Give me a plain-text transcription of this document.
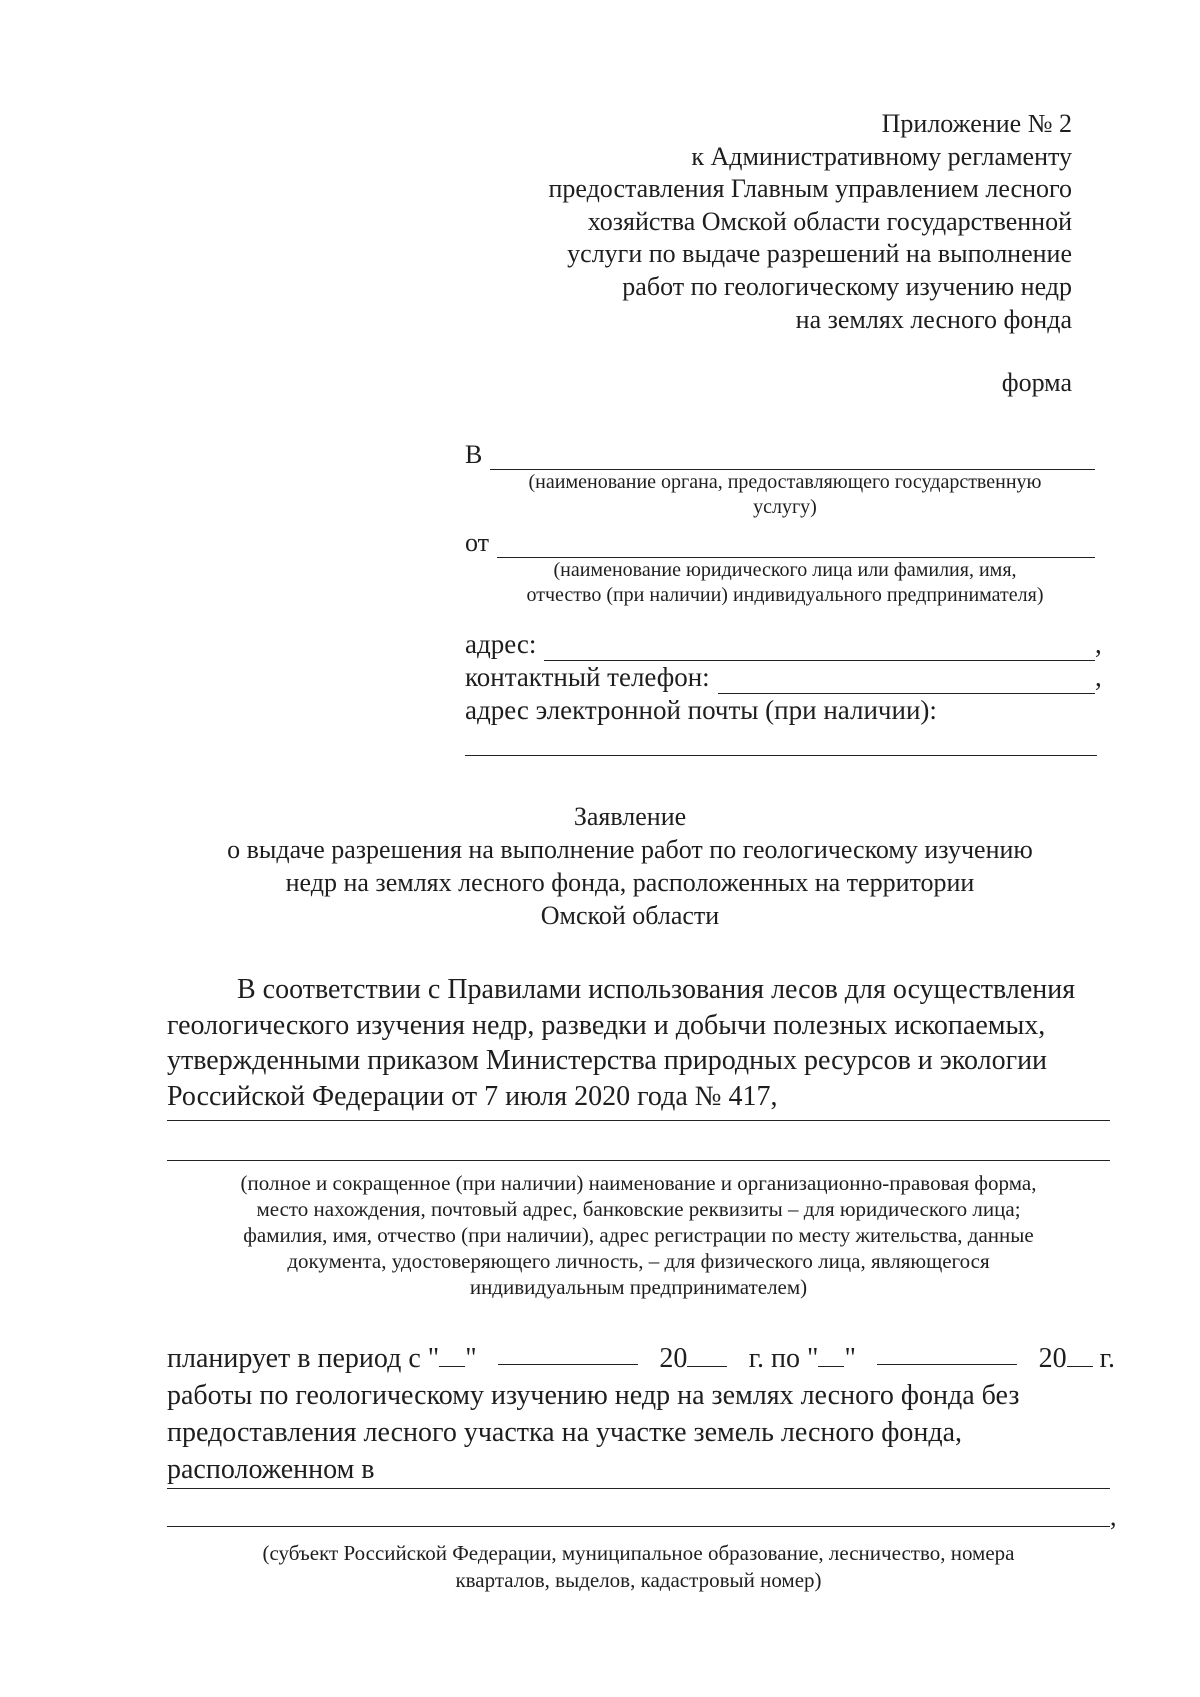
Приложение № 2
к Административному регламенту
предоставления Главным управлением лесного
хозяйства Омской области государственной
услуги по выдаче разрешений на выполнение
работ по геологическому изучению недр
на землях лесного фонда
форма
В
(наименование органа, предоставляющего государственную
услугу)
от
(наименование юридического лица или фамилия, имя,
отчество (при наличии) индивидуального предпринимателя)
адрес:	,
контактный телефон:	,
адрес электронной почты (при наличии):
Заявление
о выдаче разрешения на выполнение работ по геологическому изучению
недр на землях лесного фонда, расположенных на территории
Омской области
В соответствии с Правилами использования лесов для осуществления
геологического изучения недр, разведки и добычи полезных ископаемых,
утвержденными приказом Министерства природных ресурсов и экологии
Российской Федерации от 7 июля 2020 года № 417,
(полное и сокращенное (при наличии) наименование и организационно-правовая форма,
место нахождения, почтовый адрес, банковские реквизиты – для юридического лица;
фамилия, имя, отчество (при наличии), адрес регистрации по месту жительства, данные
документа, удостоверяющего личность, – для физического лица, являющегося
индивидуальным предпринимателем)
планирует в период с " "	20	г. по " "	20 г.
работы по геологическому изучению недр на землях лесного фонда без
предоставления лесного участка на участке земель лесного фонда,
расположенном в
,
(субъект Российской Федерации, муниципальное образование, лесничество, номера
кварталов, выделов, кадастровый номер)
